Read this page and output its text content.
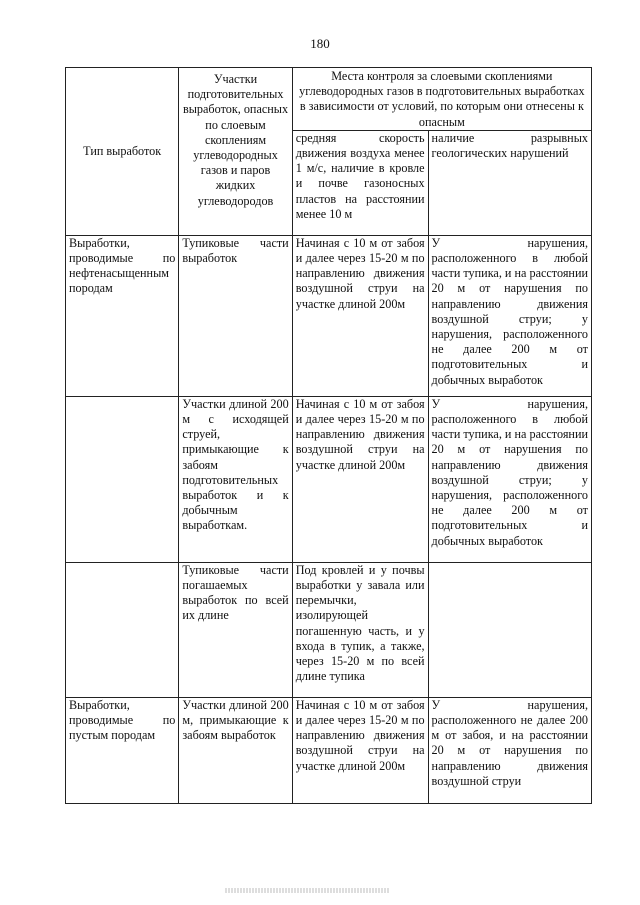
180
Тип выработок	Участки подготовительных выработок, опасных по слоевым скоплениям углеводородных газов и паров жидких углеводородов	Места контроля за слоевыми скоплениями углеводородных газов в подготовительных выработках в зависимости от условий, по которым они отнесены к опасным	
		средняя скорость движения воздуха менее 1 м/с, наличие в кровле и почве газоносных пластов на расстоянии менее 10 м	наличие разрывных геологических нарушений
Выработки, проводимые по нефтенасыщенным породам	Тупиковые части выработок	Начиная с 10 м от забоя и далее через 15-20 м по направлению движения воздушной струи на участке длиной 200м	У нарушения, расположенного в любой части тупика, и на расстоянии 20 м от нарушения по направлению движения воздушной струи; у нарушения, расположенного не далее 200 м от подготовительных и добычных выработок
	Участки длиной 200 м с исходящей струей, примыкающие к забоям подготовительных выработок и к добычным выработкам.	Начиная с 10 м от забоя и далее через 15-20 м по направлению движения воздушной струи на участке длиной 200м	У нарушения, расположенного в любой части тупика, и на расстоянии 20 м от нарушения по направлению движения воздушной струи; у нарушения, расположенного не далее 200 м от подготовительных и добычных выработок
	Тупиковые части погашаемых выработок по всей их длине	Под кровлей и у почвы выработки у завала или перемычки, изолирующей погашенную часть, и у входа в тупик, а также, через 15-20 м по всей длине тупика	
Выработки, проводимые по пустым породам	Участки длиной 200 м, примыкающие к забоям выработок	Начиная с 10 м от забоя и далее через 15-20 м по направлению движения воздушной струи на участке длиной 200м	У нарушения, расположенного не далее 200 м от забоя, и на расстоянии 20 м от нарушения по направлению движения воздушной струи
